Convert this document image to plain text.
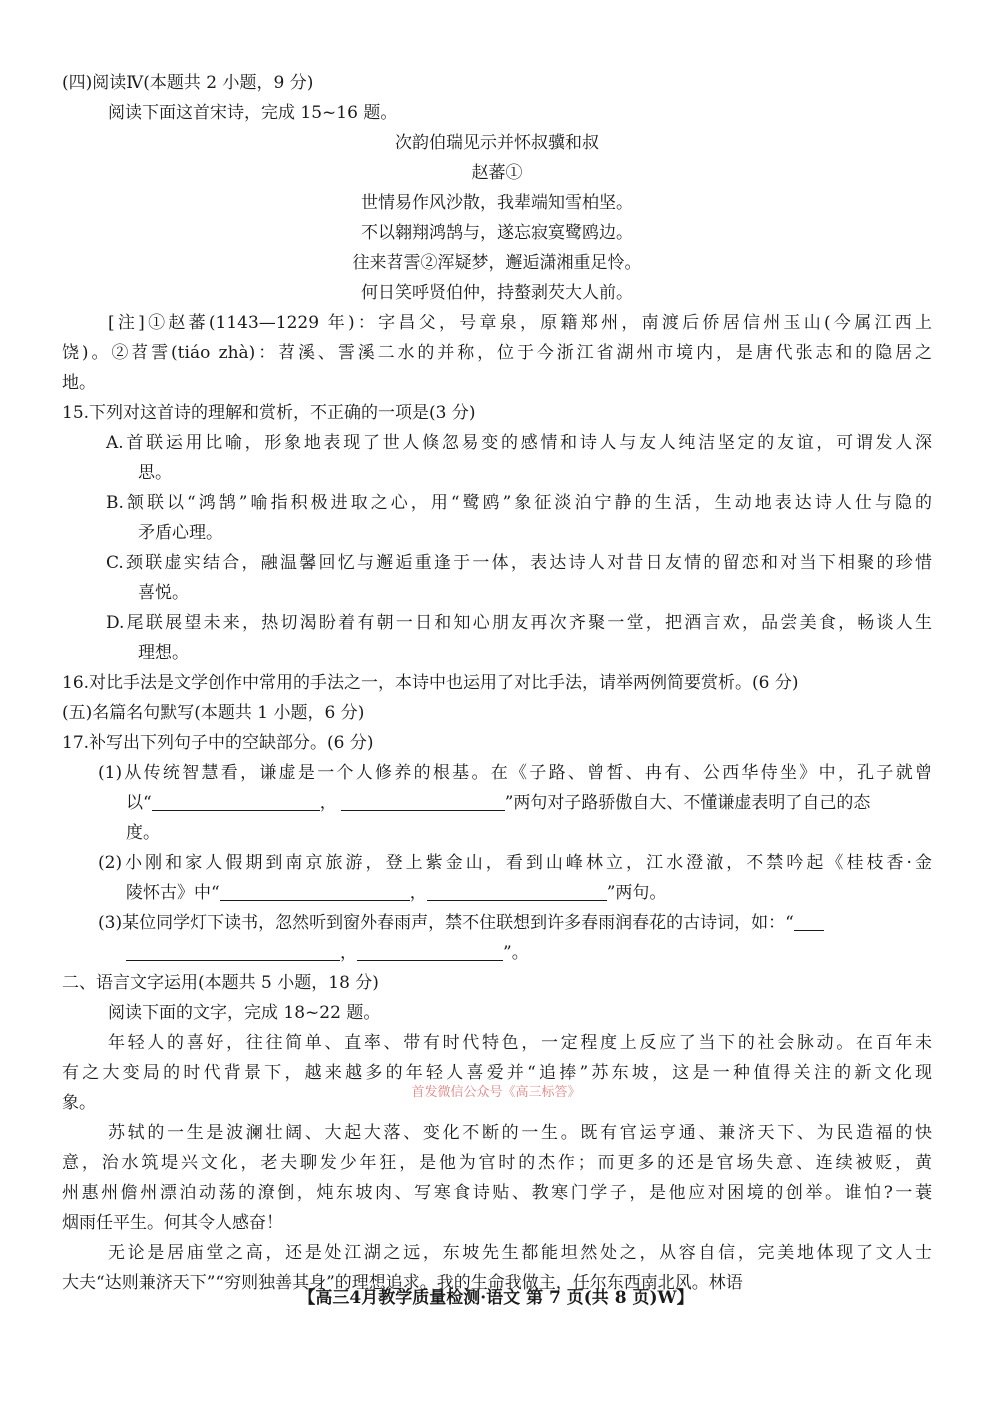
(四)阅读Ⅳ(本题共 2 小题，9 分)
阅读下面这首宋诗，完成 15~16 题。
次韵伯瑞见示并怀叔骥和叔
赵蕃①
世情易作风沙散，我辈端知雪柏坚。
不以翱翔鸿鹄与，遂忘寂寞鹭鸥边。
往来苕霅②浑疑梦，邂逅潇湘重足怜。
何日笑呼贤伯仲，持螯剥芡大人前。
[注]①赵蕃(1143—1229 年)：字昌父，号章泉，原籍郑州，南渡后侨居信州玉山(今属江西上
饶)。②苕霅(tiáo zhà)：苕溪、霅溪二水的并称，位于今浙江省湖州市境内，是唐代张志和的隐居之
地。
15.下列对这首诗的理解和赏析，不正确的一项是(3 分)
A.首联运用比喻，形象地表现了世人倏忽易变的感情和诗人与友人纯洁坚定的友谊，可谓发人深
思。
B.颔联以“鸿鹄”喻指积极进取之心，用“鹭鸥”象征淡泊宁静的生活，生动地表达诗人仕与隐的
矛盾心理。
C.颈联虚实结合，融温馨回忆与邂逅重逢于一体，表达诗人对昔日友情的留恋和对当下相聚的珍惜
喜悦。
D.尾联展望未来，热切渴盼着有朝一日和知心朋友再次齐聚一堂，把酒言欢，品尝美食，畅谈人生
理想。
16.对比手法是文学创作中常用的手法之一，本诗中也运用了对比手法，请举两例简要赏析。(6 分)
(五)名篇名句默写(本题共 1 小题，6 分)
17.补写出下列句子中的空缺部分。(6 分)
(1)从传统智慧看，谦虚是一个人修养的根基。在《子路、曾皙、冉有、公西华侍坐》中，孔子就曾
以“	，	”两句对子路骄傲自大、不懂谦虚表明了自己的态
度。
(2)小刚和家人假期到南京旅游，登上紫金山，看到山峰林立，江水澄澈，不禁吟起《桂枝香·金
陵怀古》中“	，	”两句。
(3)某位同学灯下读书，忽然听到窗外春雨声，禁不住联想到许多春雨润春花的古诗词，如：“
，	”。
二、语言文字运用(本题共 5 小题，18 分)
阅读下面的文字，完成 18~22 题。
年轻人的喜好，往往简单、直率、带有时代特色，一定程度上反应了当下的社会脉动。在百年未
有之大变局的时代背景下，越来越多的年轻人喜爱并“追捧”苏东坡，这是一种值得关注的新文化现
象。
苏轼的一生是波澜壮阔、大起大落、变化不断的一生。既有官运亨通、兼济天下、为民造福的快
意，治水筑堤兴文化，老夫聊发少年狂，是他为官时的杰作；而更多的还是官场失意、连续被贬，黄
州惠州儋州漂泊动荡的潦倒，炖东坡肉、写寒食诗贴、教寒门学子，是他应对困境的创举。谁怕?一蓑
烟雨任平生。何其令人感奋！
无论是居庙堂之高，还是处江湖之远，东坡先生都能坦然处之，从容自信，完美地体现了文人士
大夫“达则兼济天下”“穷则独善其身”的理想追求。我的生命我做主，任尔东西南北风。林语
首发微信公众号《高三标答》
【高三4月教学质量检测·语文 第 7 页(共 8 页)W】
